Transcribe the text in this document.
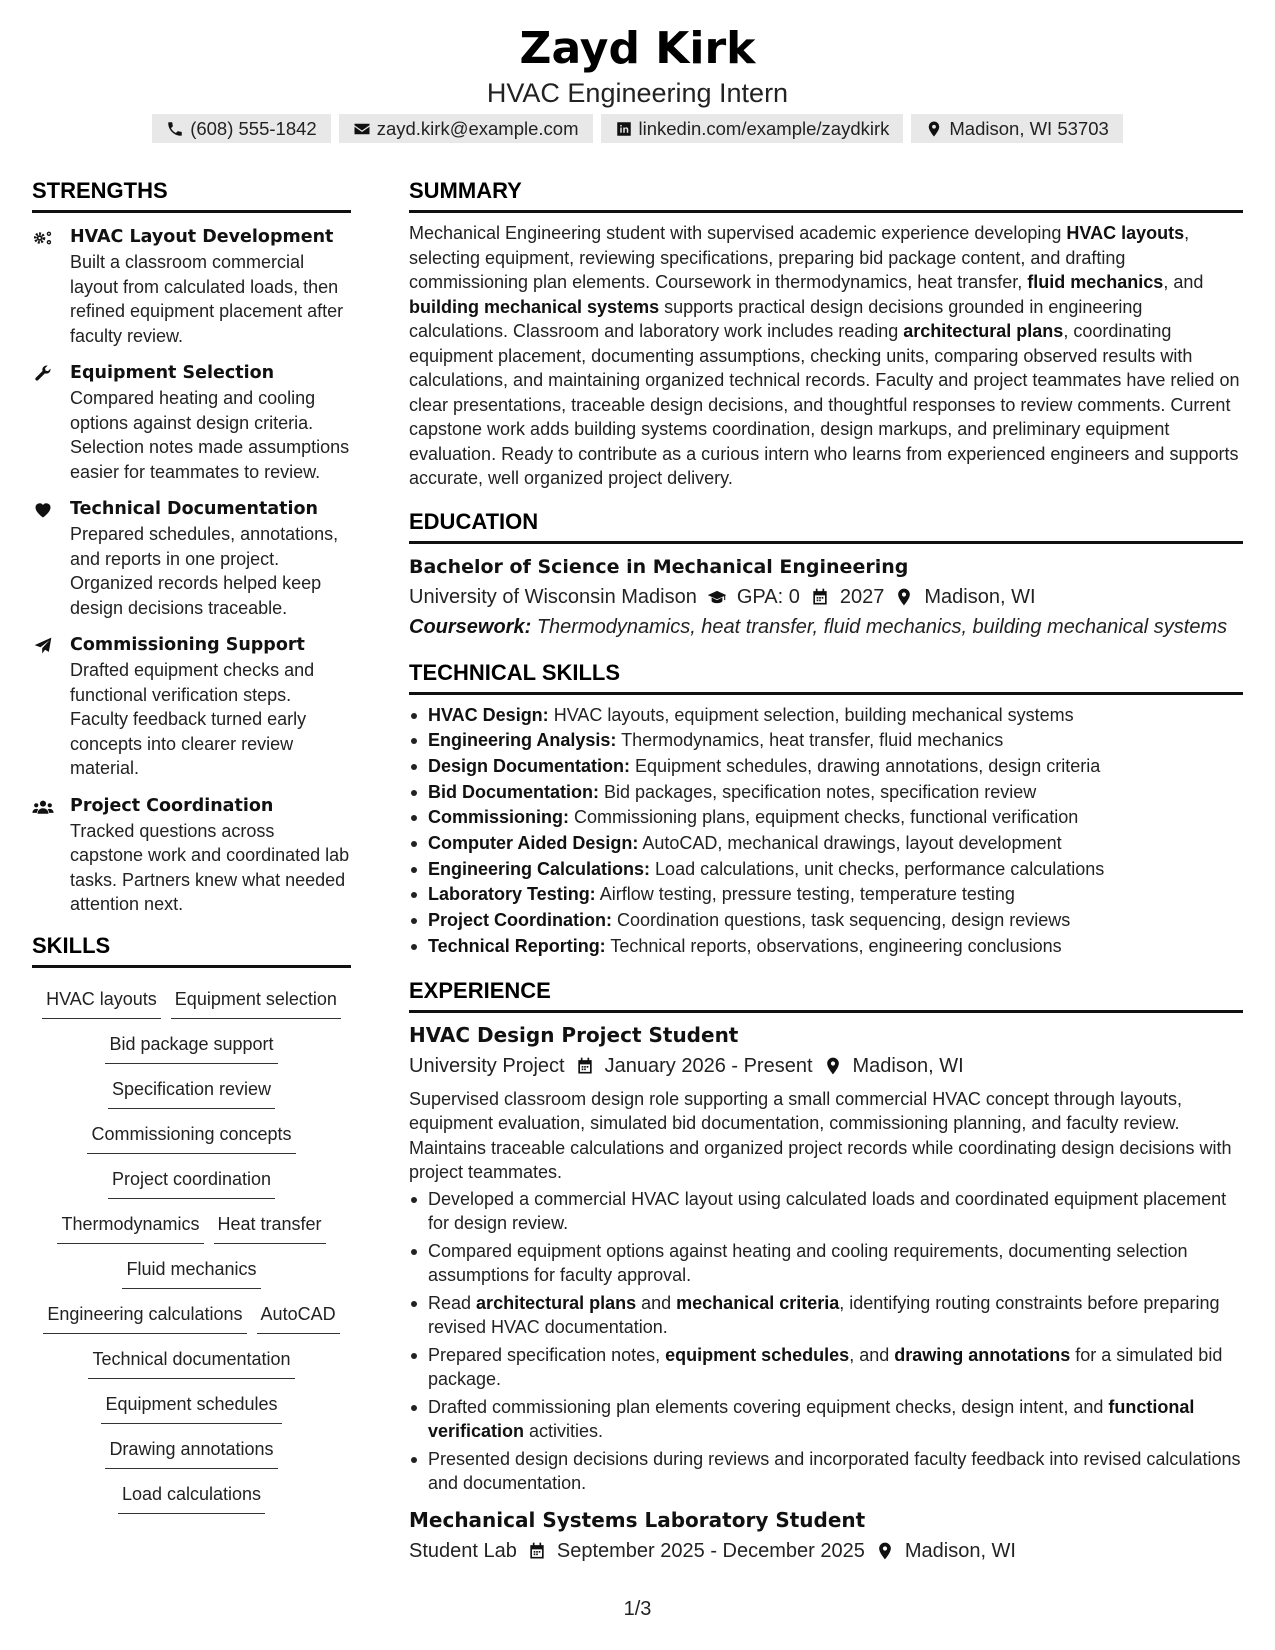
Zayd Kirk
HVAC Engineering Intern
(608) 555-1842	zayd.kirk@example.com	linkedin.com/example/zaydkirk	Madison, WI 53703
STRENGTHS
HVAC Layout Development
Built a classroom commercial layout from calculated loads, then refined equipment placement after faculty review.
Equipment Selection
Compared heating and cooling options against design criteria. Selection notes made assumptions easier for teammates to review.
Technical Documentation
Prepared schedules, annotations, and reports in one project. Organized records helped keep design decisions traceable.
Commissioning Support
Drafted equipment checks and functional verification steps. Faculty feedback turned early concepts into clearer review material.
Project Coordination
Tracked questions across capstone work and coordinated lab tasks. Partners knew what needed attention next.
SKILLS
HVAC layouts Equipment selection
Bid package support
Specification review
Commissioning concepts
Project coordination
Thermodynamics Heat transfer
Fluid mechanics
Engineering calculations AutoCAD
Technical documentation
Equipment schedules
Drawing annotations
Load calculations
SUMMARY
Mechanical Engineering student with supervised academic experience developing HVAC layouts, selecting equipment, reviewing specifications, preparing bid package content, and drafting commissioning plan elements. Coursework in thermodynamics, heat transfer, fluid mechanics, and building mechanical systems supports practical design decisions grounded in engineering calculations. Classroom and laboratory work includes reading architectural plans, coordinating equipment placement, documenting assumptions, checking units, comparing observed results with calculations, and maintaining organized technical records. Faculty and project teammates have relied on clear presentations, traceable design decisions, and thoughtful responses to review comments. Current capstone work adds building systems coordination, design markups, and preliminary equipment evaluation. Ready to contribute as a curious intern who learns from experienced engineers and supports accurate, well organized project delivery.
EDUCATION
Bachelor of Science in Mechanical Engineering
University of Wisconsin Madison GPA: 0 2027 Madison, WI
Coursework: Thermodynamics, heat transfer, fluid mechanics, building mechanical systems
TECHNICAL SKILLS
HVAC Design: HVAC layouts, equipment selection, building mechanical systems
Engineering Analysis: Thermodynamics, heat transfer, fluid mechanics
Design Documentation: Equipment schedules, drawing annotations, design criteria
Bid Documentation: Bid packages, specification notes, specification review
Commissioning: Commissioning plans, equipment checks, functional verification
Computer Aided Design: AutoCAD, mechanical drawings, layout development
Engineering Calculations: Load calculations, unit checks, performance calculations
Laboratory Testing: Airflow testing, pressure testing, temperature testing
Project Coordination: Coordination questions, task sequencing, design reviews
Technical Reporting: Technical reports, observations, engineering conclusions
EXPERIENCE
HVAC Design Project Student
University Project January 2026 - Present Madison, WI
Supervised classroom design role supporting a small commercial HVAC concept through layouts, equipment evaluation, simulated bid documentation, commissioning planning, and faculty review. Maintains traceable calculations and organized project records while coordinating design decisions with project teammates.
Developed a commercial HVAC layout using calculated loads and coordinated equipment placement for design review.
Compared equipment options against heating and cooling requirements, documenting selection assumptions for faculty approval.
Read architectural plans and mechanical criteria, identifying routing constraints before preparing revised HVAC documentation.
Prepared specification notes, equipment schedules, and drawing annotations for a simulated bid package.
Drafted commissioning plan elements covering equipment checks, design intent, and functional verification activities.
Presented design decisions during reviews and incorporated faculty feedback into revised calculations and documentation.
Mechanical Systems Laboratory Student
Student Lab September 2025 - December 2025 Madison, WI
1/3
